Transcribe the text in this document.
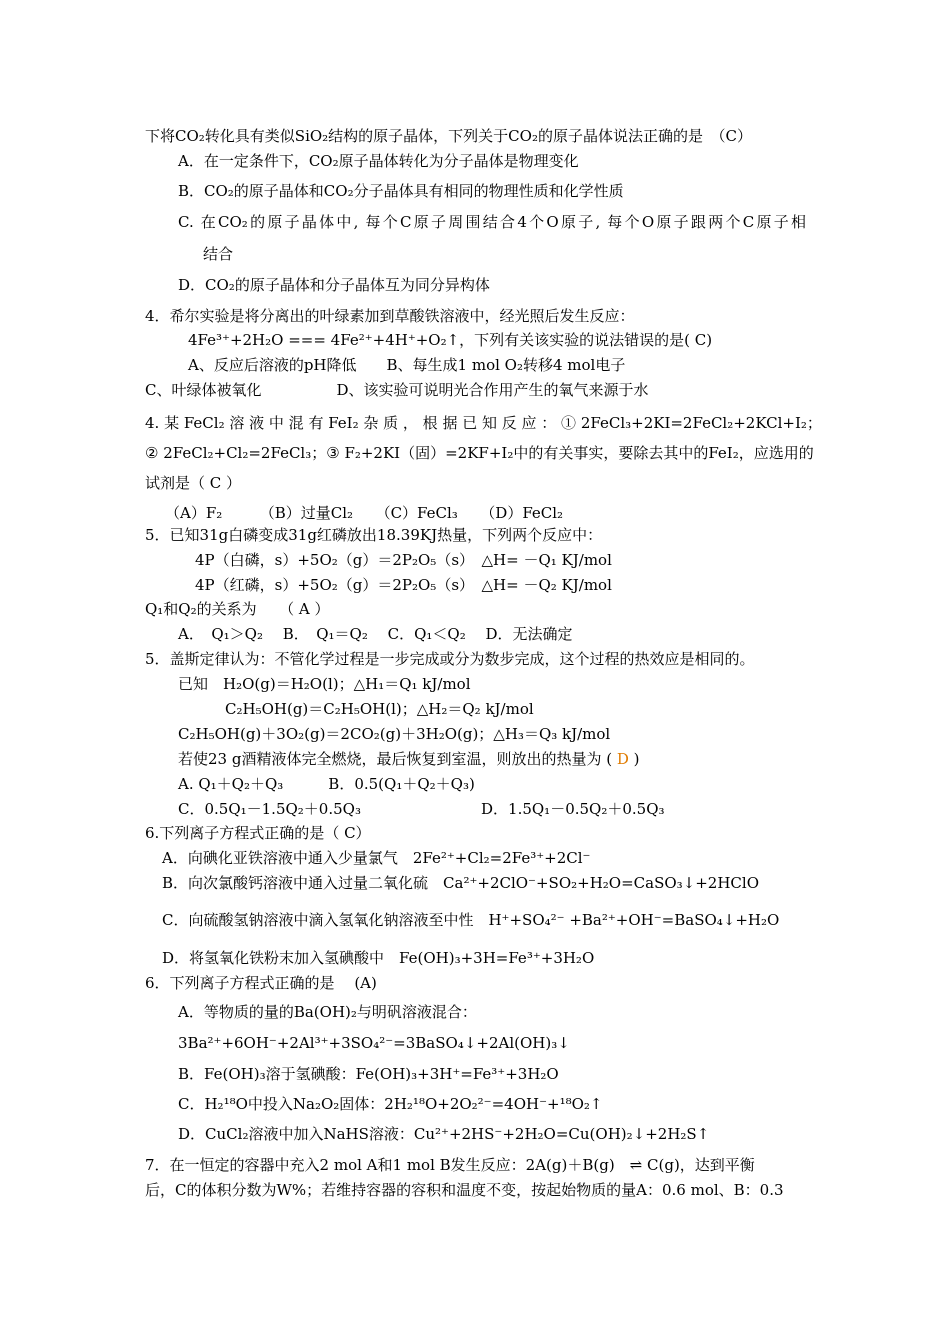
下将CO₂转化具有类似SiO₂结构的原子晶体，下列关于CO₂的原子晶体说法正确的是　（C）
A．在一定条件下，CO₂原子晶体转化为分子晶体是物理变化
B．CO₂的原子晶体和CO₂分子晶体具有相同的物理性质和化学性质
C. 在CO₂的原子晶体中, 每个C原子周围结合4个O原子, 每个O原子跟两个C原子相
结合
D．CO₂的原子晶体和分子晶体互为同分异构体
4．希尔实验是将分离出的叶绿素加到草酸铁溶液中，经光照后发生反应：
4Fe³⁺+2H₂O === 4Fe²⁺+4H⁺+O₂↑，下列有关该实验的说法错误的是( C)
A、反应后溶液的pH降低　　B、每生成1 mol O₂转移4 mol电子
C、叶绿体被氧化　　　　　D、该实验可说明光合作用产生的氧气来源于水
4. 某 FeCl₂ 溶 液 中 混 有 FeI₂ 杂 质 ， 根 据 已 知 反 应 ： ① 2FeCl₃+2KI=2FeCl₂+2KCl+I₂；
② 2FeCl₂+Cl₂=2FeCl₃；③ F₂+2KI（固）=2KF+I₂中的有关事实，要除去其中的FeI₂，应选用的
试剂是（ C ）
（A）F₂　　　（B）过量Cl₂　　（C）FeCl₃　　（D）FeCl₂
5．已知31g白磷变成31g红磷放出18.39KJ热量，下列两个反应中：
4P（白磷，s）+5O₂（g）＝2P₂O₅（s）　△H= －Q₁ KJ/mol
4P（红磷，s）+5O₂（g）＝2P₂O₅（s）　△H= －Q₂ KJ/mol
Q₁和Q₂的关系为　　（ A ）
A．　Q₁＞Q₂　 B．　Q₁＝Q₂　 C．Q₁＜Q₂　 D．无法确定
5．盖斯定律认为：不管化学过程是一步完成或分为数步完成，这个过程的热效应是相同的。
已知　H₂O(g)＝H₂O(l)；△H₁＝Q₁ kJ/mol
C₂H₅OH(g)＝C₂H₅OH(l)；△H₂＝Q₂ kJ/mol
C₂H₅OH(g)＋3O₂(g)＝2CO₂(g)＋3H₂O(g)；△H₃＝Q₃ kJ/mol
若使23 g酒精液体完全燃烧，最后恢复到室温，则放出的热量为 ( D )
A. Q₁＋Q₂＋Q₃　　　B．0.5(Q₁＋Q₂＋Q₃)
C．0.5Q₁－1.5Q₂＋0.5Q₃	D．1.5Q₁－0.5Q₂＋0.5Q₃
6.下列离子方程式正确的是（ C）
A．向碘化亚铁溶液中通入少量氯气　2Fe²⁺+Cl₂=2Fe³⁺+2Cl⁻
B．向次氯酸钙溶液中通入过量二氧化硫　Ca²⁺+2ClO⁻+SO₂+H₂O=CaSO₃↓+2HClO
C．向硫酸氢钠溶液中滴入氢氧化钠溶液至中性　H⁺+SO₄²⁻ +Ba²⁺+OH⁻=BaSO₄↓+H₂O
D．将氢氧化铁粉末加入氢碘酸中　Fe(OH)₃+3H=Fe³⁺+3H₂O
6．下列离子方程式正确的是　 (A)
A．等物质的量的Ba(OH)₂与明矾溶液混合：
3Ba²⁺+6OH⁻+2Al³⁺+3SO₄²⁻=3BaSO₄↓+2Al(OH)₃↓
B．Fe(OH)₃溶于氢碘酸：Fe(OH)₃+3H⁺=Fe³⁺+3H₂O
C．H₂¹⁸O中投入Na₂O₂固体：2H₂¹⁸O+2O₂²⁻=4OH⁻+¹⁸O₂↑
D．CuCl₂溶液中加入NaHS溶液：Cu²⁺+2HS⁻+2H₂O=Cu(OH)₂↓+2H₂S↑
7．在一恒定的容器中充入2 mol A和1 mol B发生反应：2A(g)＋B(g)　⇌ C(g)，达到平衡
后，C的体积分数为W%；若维持容器的容积和温度不变，按起始物质的量A：0.6 mol、B：0.3
